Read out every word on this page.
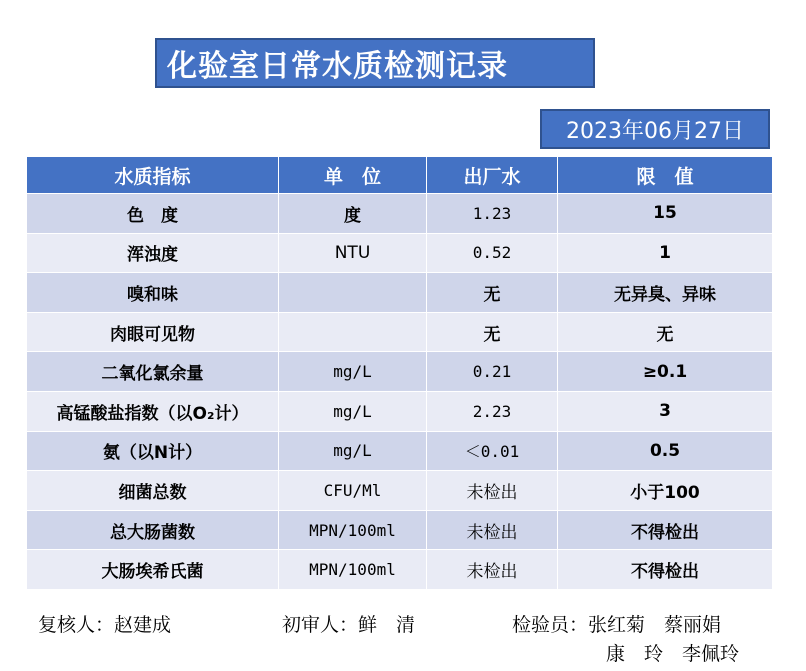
化验室日常水质检测记录
2023年06月27日
水质指标	单　位	出厂水	限　值
色　度	度	1.23	15
浑浊度	NTU	0.52	1
嗅和味		无	无异臭、异味
肉眼可见物		无	无
二氧化氯余量	mg/L	0.21	≥0.1
高锰酸盐指数（以O₂计）	mg/L	2.23	3
氨（以N计）	mg/L	＜0.01	0.5
细菌总数	CFU/Ml	未检出	小于100
总大肠菌数	MPN/100ml	未检出	不得检出
大肠埃希氏菌	MPN/100ml	未检出	不得检出
复核人：赵建成	初审人：鲜　清	检验员：张红菊　蔡丽娟
康　玲　李佩玲
